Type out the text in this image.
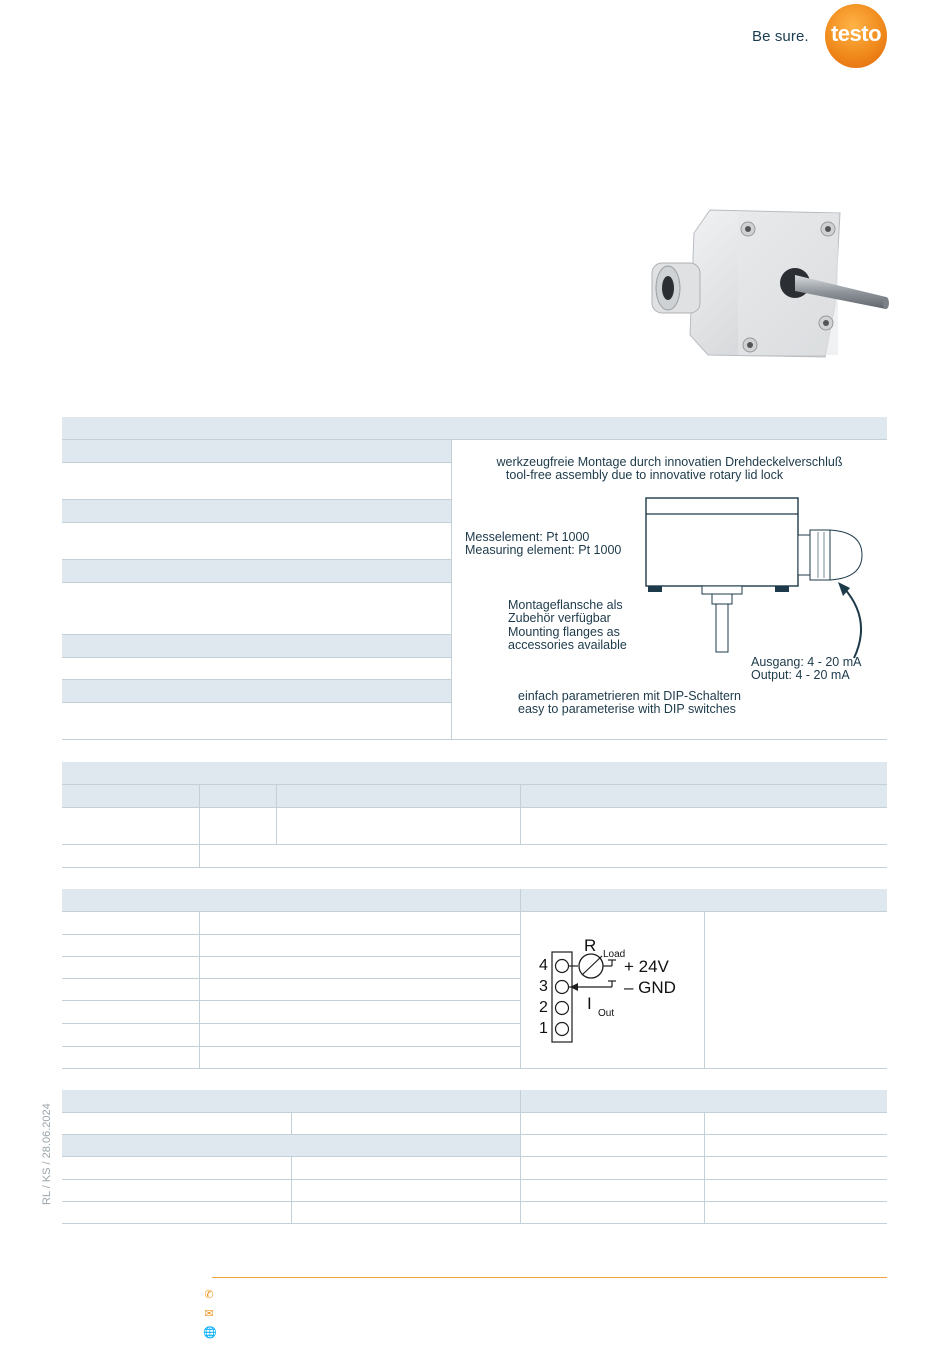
Be sure. testo
werkzeugfreie Montage durch innovatien Drehdeckelverschluß
tool-free assembly due to innovative rotary lid lock
Messelement: Pt 1000
Measuring element: Pt 1000
Montageflansche als
Zubehör verfügbar
Mounting flanges as
accessories available
Ausgang: 4 - 20 mA
Output: 4 - 20 mA
einfach parametrieren mit DIP-Schaltern
easy to parameterise with DIP switches
R Load
I
Out
+ 24V
– GND
4
3
2
1
RL / KS / 28.06.2024
✆
✉
🌐
